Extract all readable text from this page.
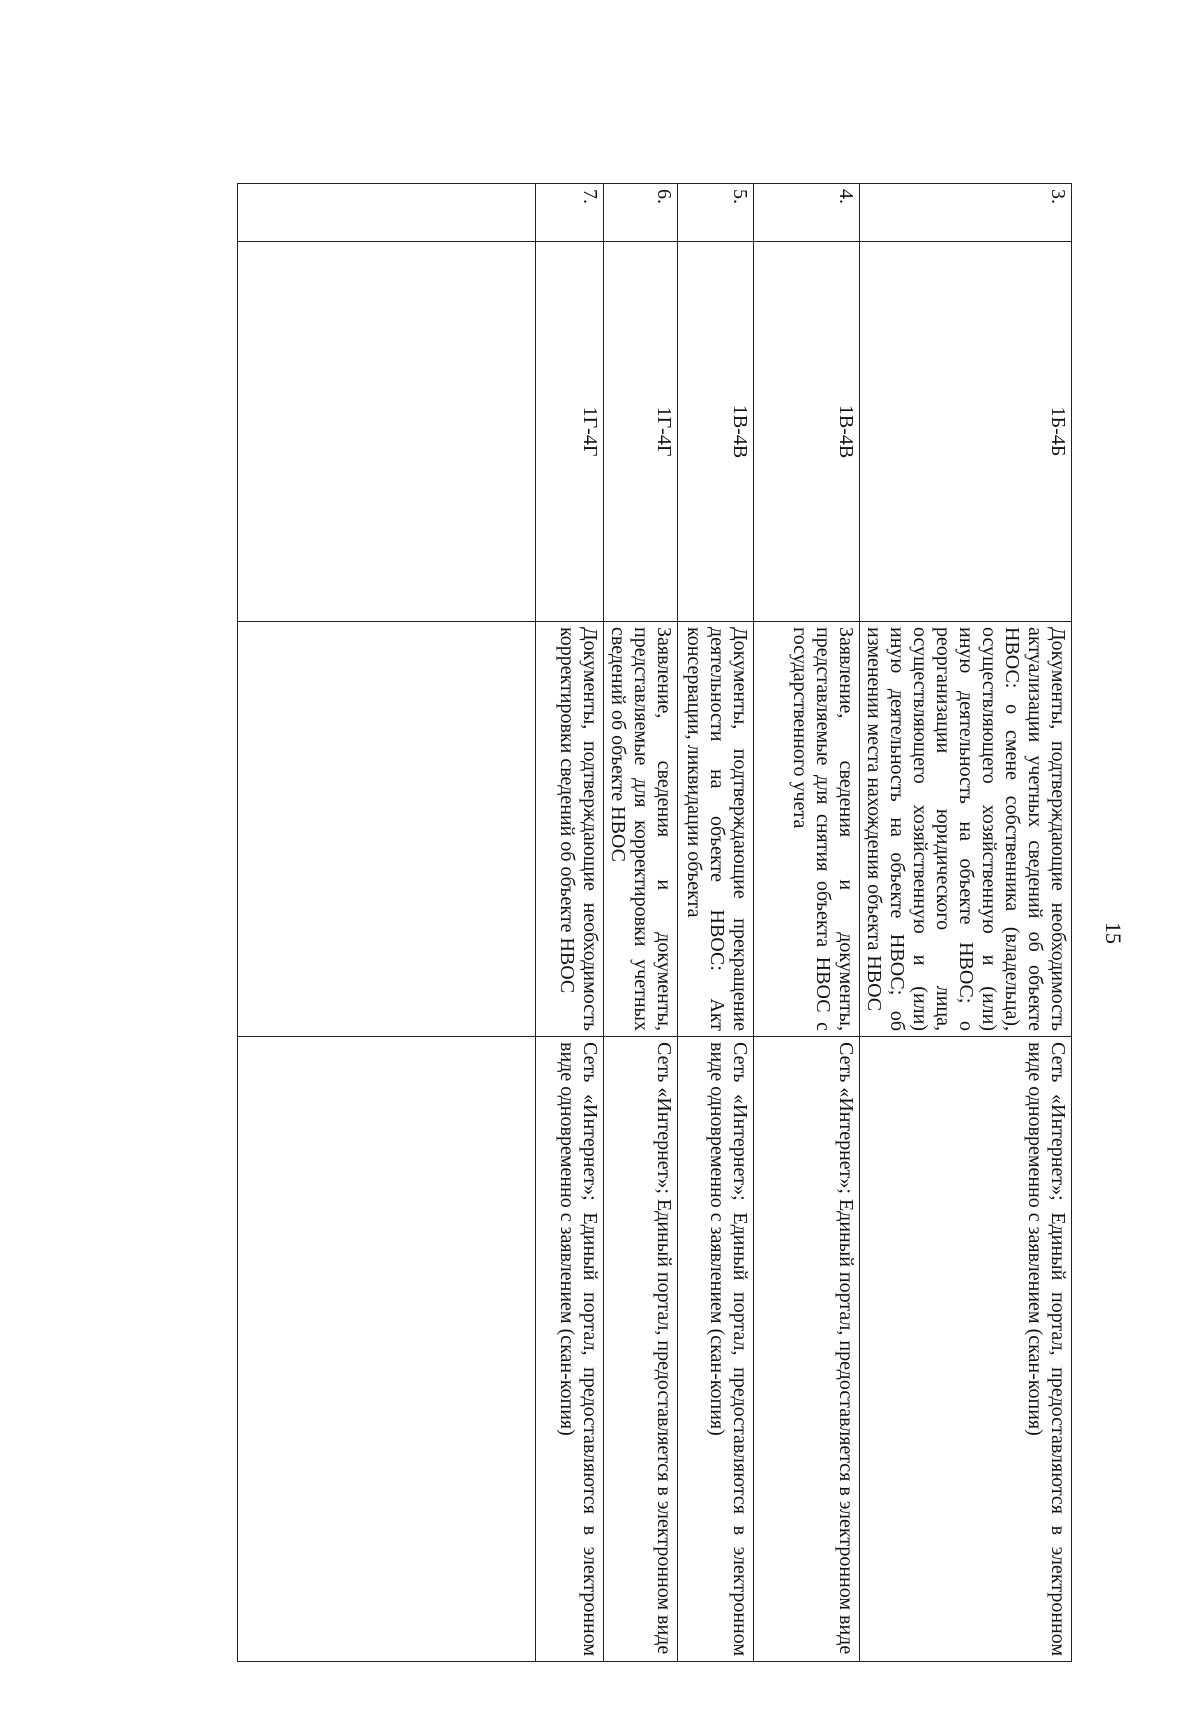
15
3.	1Б-4Б	Документы, подтверждающие необходимость актуализации учетных сведений об объекте НВОС: о смене собственника (владельца), осуществляющего хозяйственную и (или) иную деятельность на объекте НВОС; о реорганизации юридического лица, осуществляющего хозяйственную и (или) иную деятельность на объекте НВОС; об изменении места нахождения объекта НВОС	Сеть «Интернет»; Единый портал, предоставляются в электронном виде одновременно с заявлением (скан-копия)
4.	1В-4В	Заявление, сведения и документы, представляемые для снятия объекта НВОС с государственного учета	Сеть «Интернет»; Единый портал, предоставляется в электронном виде
5.	1В-4В	Документы, подтверждающие прекращение деятельности на объекте НВОС: Акт консервации, ликвидации объекта	Сеть «Интернет»; Единый портал, предоставляются в электронном виде одновременно с заявлением (скан-копия)
6.	1Г-4Г	Заявление, сведения и документы, представляемые для корректировки учетных сведений об объекте НВОС	Сеть «Интернет»; Единый портал, предоставляется в электронном виде
7.	1Г-4Г	Документы, подтверждающие необходимость корректировки сведений об объекте НВОС	Сеть «Интернет»; Единый портал, предоставляются в электронном виде одновременно с заявлением (скан-копия)
